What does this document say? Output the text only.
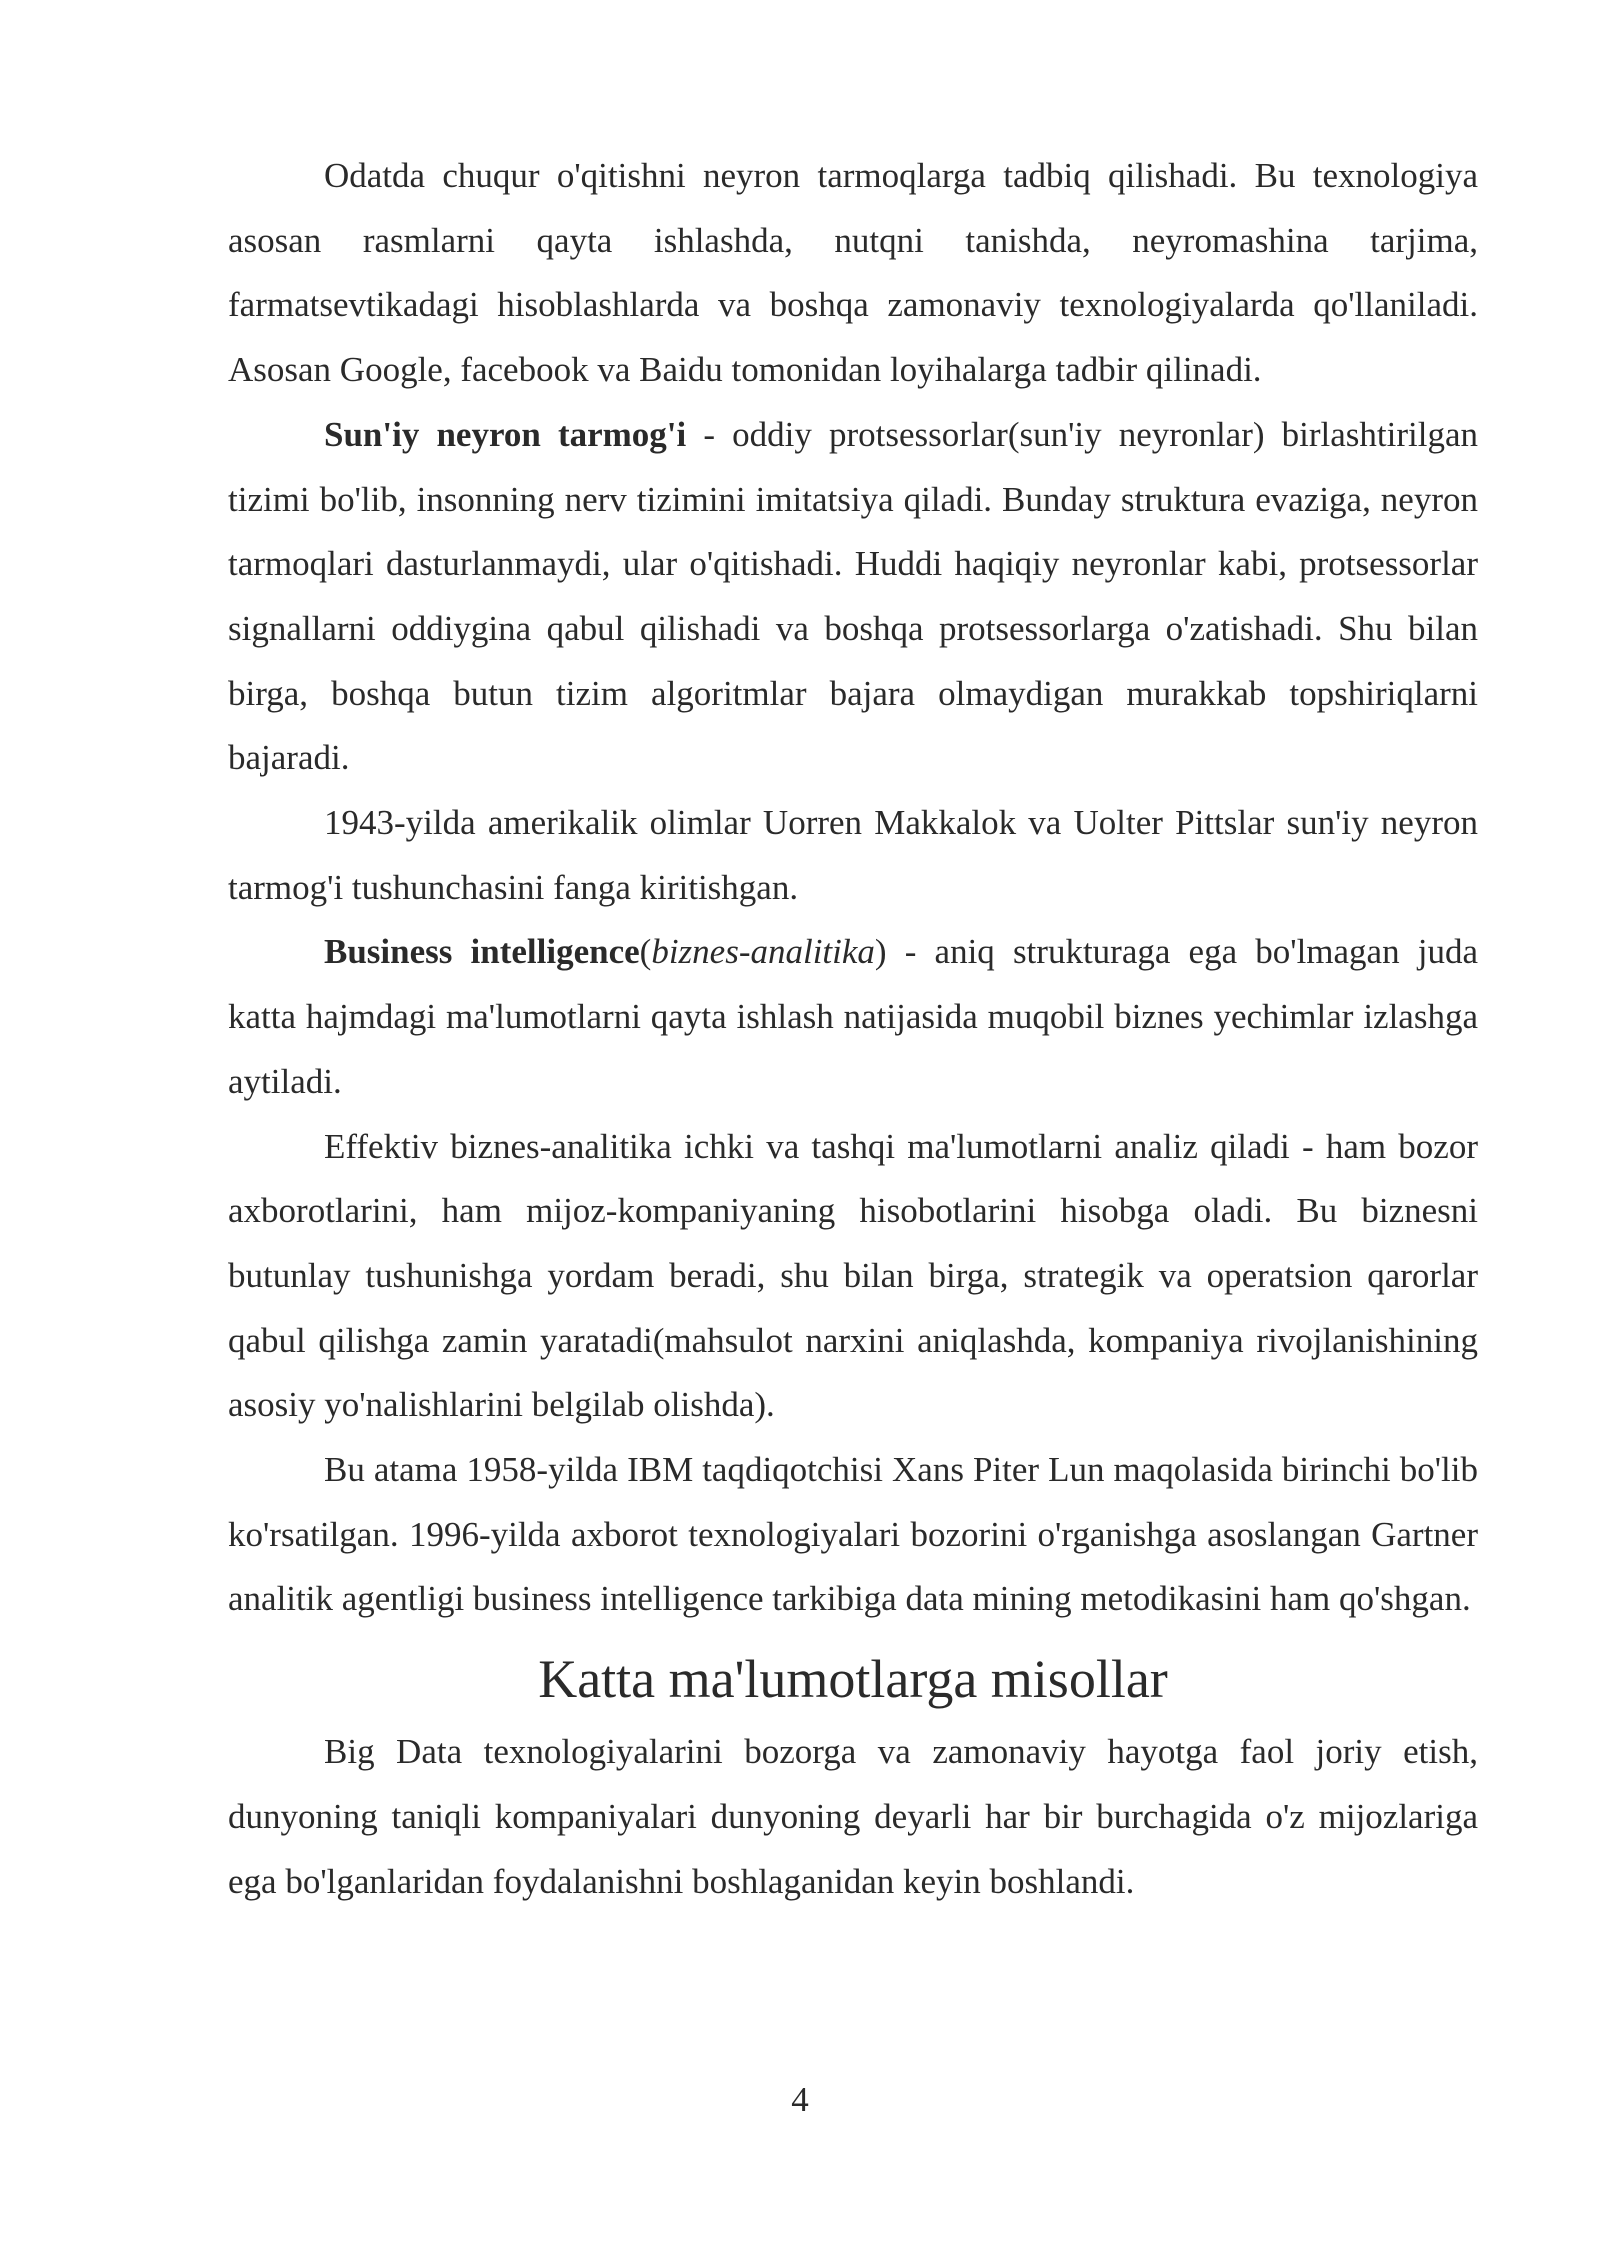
Odatda chuqur o'qitishni neyron tarmoqlarga tadbiq qilishadi. Bu texnologiya asosan rasmlarni qayta ishlashda, nutqni tanishda, neyromashina tarjima, farmatsevtikadagi hisoblashlarda va boshqa zamonaviy texnologiyalarda qo'llaniladi. Asosan Google, facebook va Baidu tomonidan loyihalarga tadbir qilinadi.

Sun'iy neyron tarmog'i - oddiy protsessorlar(sun'iy neyronlar) birlashtirilgan tizimi bo'lib, insonning nerv tizimini imitatsiya qiladi. Bunday struktura evaziga, neyron tarmoqlari dasturlanmaydi, ular o'qitishadi. Huddi haqiqiy neyronlar kabi, protsessorlar signallarni oddiygina qabul qilishadi va boshqa protsessorlarga o'zatishadi. Shu bilan birga, boshqa butun tizim algoritmlar bajara olmaydigan murakkab topshiriqlarni bajaradi.

1943-yilda amerikalik olimlar Uorren Makkalok va Uolter Pittslar sun'iy neyron tarmog'i tushunchasini fanga kiritishgan.

Business intelligence(biznes-analitika) - aniq strukturaga ega bo'lmagan juda katta hajmdagi ma'lumotlarni qayta ishlash natijasida muqobil biznes yechimlar izlashga aytiladi.

Effektiv biznes-analitika ichki va tashqi ma'lumotlarni analiz qiladi - ham bozor axborotlarini, ham mijoz-kompaniyaning hisobotlarini hisobga oladi. Bu biznesni butunlay tushunishga yordam beradi, shu bilan birga, strategik va operatsion qarorlar qabul qilishga zamin yaratadi(mahsulot narxini aniqlashda, kompaniya rivojlanishining asosiy yo'nalishlarini belgilab olishda).

Bu atama 1958-yilda IBM taqdiqotchisi Xans Piter Lun maqolasida birinchi bo'lib ko'rsatilgan. 1996-yilda axborot texnologiyalari bozorini o'rganishga asoslangan Gartner analitik agentligi business intelligence tarkibiga data mining metodikasini ham qo'shgan.

Katta ma'lumotlarga misollar

Big Data texnologiyalarini bozorga va zamonaviy hayotga faol joriy etish, dunyoning taniqli kompaniyalari dunyoning deyarli har bir burchagida o'z mijozlariga ega bo'lganlaridan foydalanishni boshlaganidan keyin boshlandi.

4
